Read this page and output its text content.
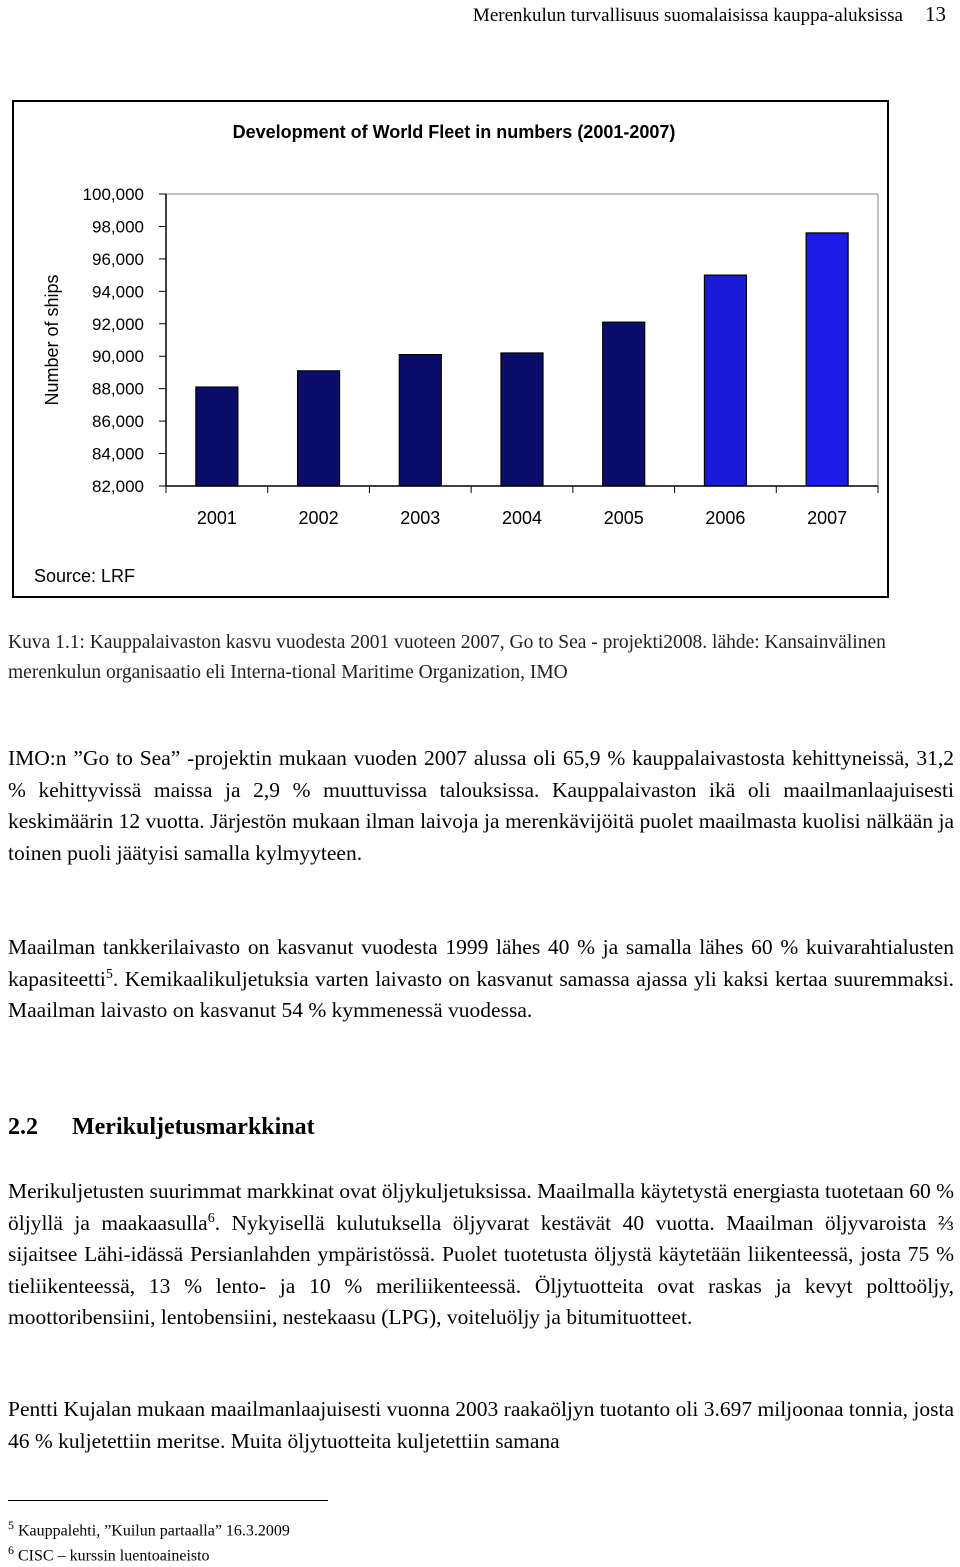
Merenkulun turvallisuus suomalaisissa kauppa-aluksissa 13
Development of World Fleet in numbers (2001-2007)
Number of ships
82,000
84,000
86,000
88,000
90,000
92,000
94,000
96,000
98,000
100,000
2001	2002	2003	2004	2005	2006	2007
Source: LRF
Kuva 1.1: Kauppalaivaston kasvu vuodesta 2001 vuoteen 2007, Go to Sea - projekti2008. lähde: Kansainvälinen merenkulun organisaatio eli Interna-tional Maritime Organization, IMO

IMO:n ”Go to Sea” -projektin mukaan vuoden 2007 alussa oli 65,9 % kauppalaivastosta kehittyneissä, 31,2 % kehittyvissä maissa ja 2,9 % muuttuvissa talouksissa. Kauppalaivaston ikä oli maailmanlaajuisesti keskimäärin 12 vuotta. Järjestön mukaan ilman laivoja ja merenkävijöitä puolet maailmasta kuolisi nälkään ja toinen puoli jäätyisi samalla kylmyyteen.

Maailman tankkerilaivasto on kasvanut vuodesta 1999 lähes 40 % ja samalla lähes 60 % kuivarahtialusten kapasiteetti$^5$. Kemikaalikuljetuksia varten laivasto on kasvanut samassa ajassa yli kaksi kertaa suuremmaksi. Maailman laivasto on kasvanut 54 % kymmenessä vuodessa.

2.2 Merikuljetusmarkkinat

Merikuljetusten suurimmat markkinat ovat öljykuljetuksissa. Maailmalla käytetystä energiasta tuotetaan 60 % öljyllä ja maakaasulla$^6$. Nykyisellä kulutuksella öljyvarat kestävät 40 vuotta. Maailman öljyvaroista ⅔ sijaitsee Lähi-idässä Persianlahden ympäristössä. Puolet tuotetusta öljystä käytetään liikenteessä, josta 75 % tieliikenteessä, 13 % lento- ja 10 % meriliikenteessä. Öljytuotteita ovat raskas ja kevyt polttoöljy, moottoribensiini, lentobensiini, nestekaasu (LPG), voiteluöljy ja bitumituotteet.

Pentti Kujalan mukaan maailmanlaajuisesti vuonna 2003 raakaöljyn tuotanto oli 3.697 miljoonaa tonnia, josta 46 % kuljetettiin meritse. Muita öljytuotteita kuljetettiin samana

$^5$ Kauppalehti, ”Kuilun partaalla” 16.3.2009
$^6$ CISC – kurssin luentoaineisto
